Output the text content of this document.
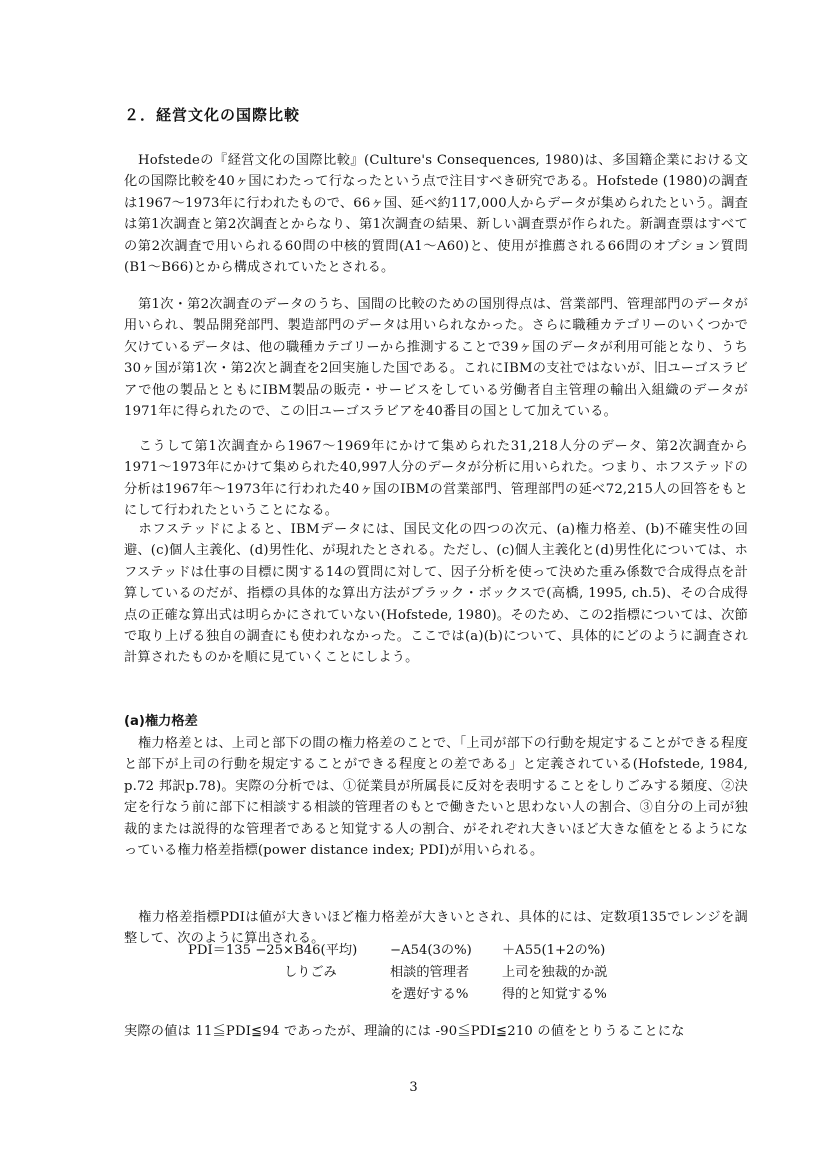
２．経営文化の国際比較

Hofstedeの『経営文化の国際比較』(Culture's Consequences, 1980)は、多国籍企業における文化の国際比較を40ヶ国にわたって行なったという点で注目すべき研究である。Hofstede (1980)の調査は1967～1973年に行われたもので、66ヶ国、延べ約117,000人からデータが集められたという。調査は第1次調査と第2次調査とからなり、第1次調査の結果、新しい調査票が作られた。新調査票はすべての第2次調査で用いられる60問の中核的質問(A1～A60)と、使用が推薦される66問のオプション質問(B1～B66)とから構成されていたとされる。

第1次・第2次調査のデータのうち、国間の比較のための国別得点は、営業部門、管理部門のデータが用いられ、製品開発部門、製造部門のデータは用いられなかった。さらに職種カテゴリーのいくつかで欠けているデータは、他の職種カテゴリーから推測することで39ヶ国のデータが利用可能となり、うち30ヶ国が第1次・第2次と調査を2回実施した国である。これにIBMの支社ではないが、旧ユーゴスラビアで他の製品とともにIBM製品の販売・サービスをしている労働者自主管理の輸出入組織のデータが1971年に得られたので、この旧ユーゴスラビアを40番目の国として加えている。

こうして第1次調査から1967～1969年にかけて集められた31,218人分のデータ、第2次調査から1971～1973年にかけて集められた40,997人分のデータが分析に用いられた。つまり、ホフステッドの分析は1967年～1973年に行われた40ヶ国のIBMの営業部門、管理部門の延べ72,215人の回答をもとにして行われたということになる。

ホフステッドによると、IBMデータには、国民文化の四つの次元、(a)権力格差、(b)不確実性の回避、(c)個人主義化、(d)男性化、が現れたとされる。ただし、(c)個人主義化と(d)男性化については、ホフステッドは仕事の目標に関する14の質問に対して、因子分析を使って決めた重み係数で合成得点を計算しているのだが、指標の具体的な算出方法がブラック・ボックスで(高橋, 1995, ch.5)、その合成得点の正確な算出式は明らかにされていない(Hofstede, 1980)。そのため、この2指標については、次節で取り上げる独自の調査にも使われなかった。ここでは(a)(b)について、具体的にどのように調査され計算されたものかを順に見ていくことにしよう。

(a)権力格差

権力格差とは、上司と部下の間の権力格差のことで、「上司が部下の行動を規定することができる程度と部下が上司の行動を規定することができる程度との差である」と定義されている(Hofstede, 1984, p.72 邦訳p.78)。実際の分析では、①従業員が所属長に反対を表明することをしりごみする頻度、②決定を行なう前に部下に相談する相談的管理者のもとで働きたいと思わない人の割合、③自分の上司が独裁的または説得的な管理者であると知覚する人の割合、がそれぞれ大きいほど大きな値をとるようになっている権力格差指標(power distance index; PDI)が用いられる。

権力格差指標PDIは値が大きいほど権力格差が大きいとされ、具体的には、定数項135でレンジを調整して、次のように算出される。

PDI＝135 −25×B46(平均) −A54(3の%) ＋A55(1+2の%)
しりごみ	相談的管理者 上司を独裁的か説
を選好する%	得的と知覚する%

実際の値は 11≦PDI≦94 であったが、理論的には -90≦PDI≦210 の値をとりうることにな

3
